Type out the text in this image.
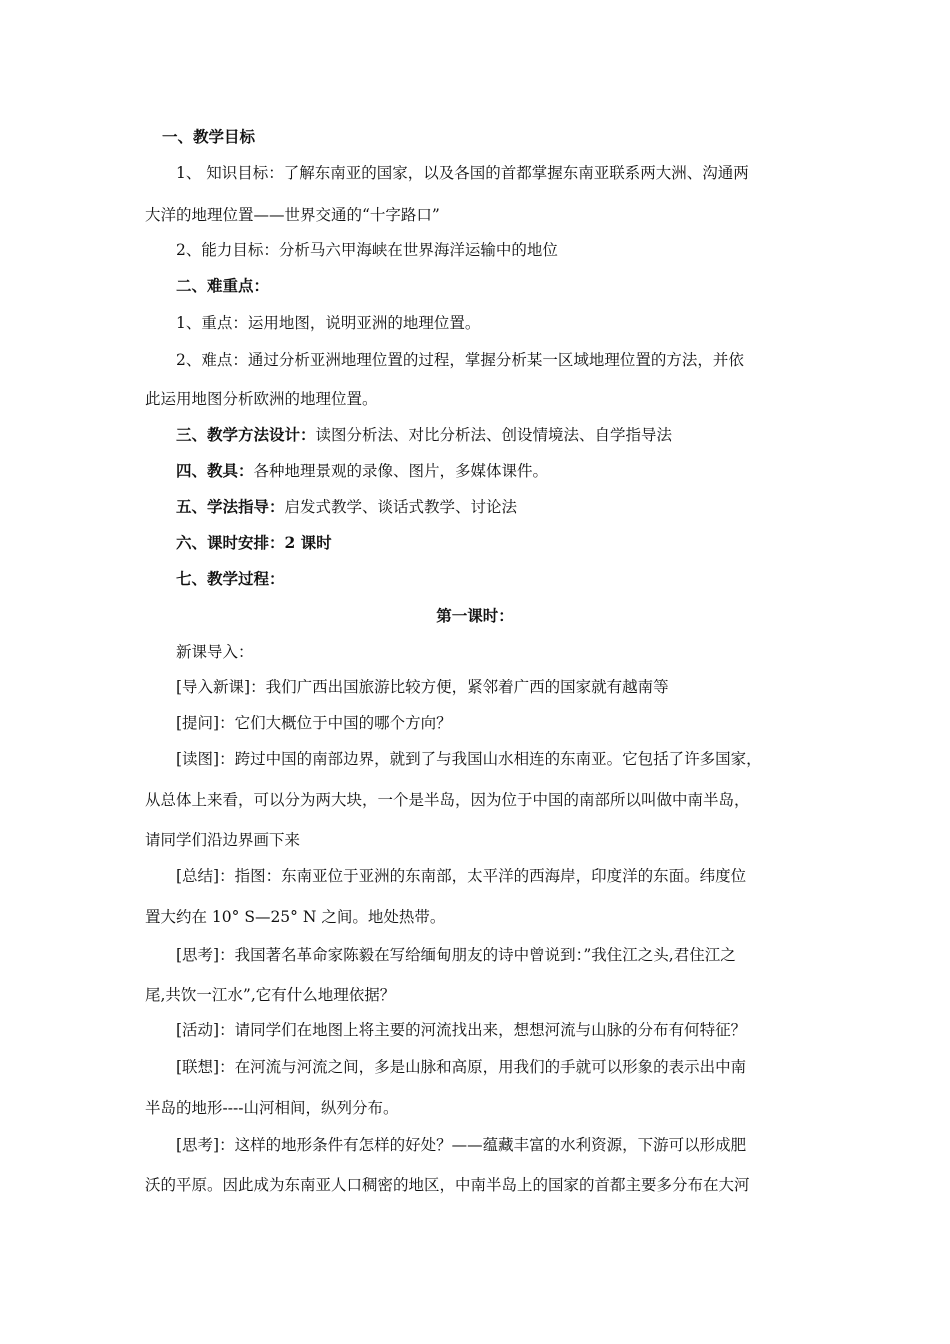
一、教学目标
1、 知识目标：了解东南亚的国家，以及各国的首都掌握东南亚联系两大洲、沟通两
大洋的地理位置——世界交通的“十字路口”
2、能力目标：分析马六甲海峡在世界海洋运输中的地位
二、难重点：
1、重点：运用地图，说明亚洲的地理位置。
2、难点：通过分析亚洲地理位置的过程，掌握分析某一区域地理位置的方法，并依
此运用地图分析欧洲的地理位置。
三、教学方法设计：读图分析法、对比分析法、创设情境法、自学指导法
四、教具：各种地理景观的录像、图片，多媒体课件。
五、学法指导：启发式教学、谈话式教学、讨论法
六、课时安排：2 课时
七、教学过程：
第一课时：
新课导入：
[导入新课]：我们广西出国旅游比较方便，紧邻着广西的国家就有越南等
[提问]：它们大概位于中国的哪个方向？
[读图]：跨过中国的南部边界，就到了与我国山水相连的东南亚。它包括了许多国家，
从总体上来看，可以分为两大块，一个是半岛，因为位于中国的南部所以叫做中南半岛，
请同学们沿边界画下来
[总结]：指图：东南亚位于亚洲的东南部，太平洋的西海岸，印度洋的东面。纬度位
置大约在 10° S—25° N 之间。地处热带。
[思考]：我国著名革命家陈毅在写给缅甸朋友的诗中曾说到：”我住江之头,君住江之
尾,共饮一江水”,它有什么地理依据？
[活动]：请同学们在地图上将主要的河流找出来，想想河流与山脉的分布有何特征？
[联想]：在河流与河流之间，多是山脉和高原，用我们的手就可以形象的表示出中南
半岛的地形----山河相间，纵列分布。
[思考]：这样的地形条件有怎样的好处？——蕴藏丰富的水利资源，下游可以形成肥
沃的平原。因此成为东南亚人口稠密的地区，中南半岛上的国家的首都主要多分布在大河
